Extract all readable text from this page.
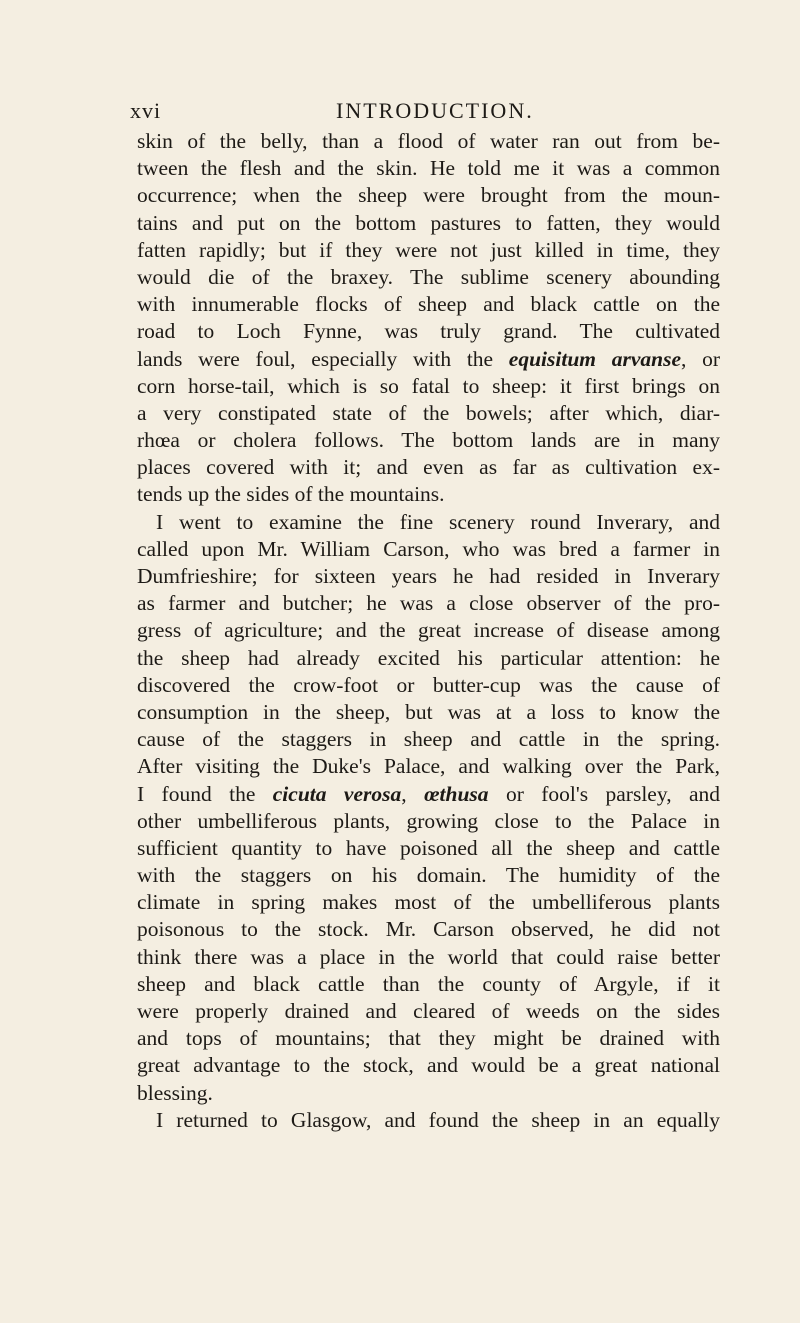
xvi	INTRODUCTION.
skin of the belly, than a flood of water ran out from be-
tween the flesh and the skin. He told me it was a common
occurrence; when the sheep were brought from the moun-
tains and put on the bottom pastures to fatten, they would
fatten rapidly; but if they were not just killed in time, they
would die of the braxey. The sublime scenery abounding
with innumerable flocks of sheep and black cattle on the
road to Loch Fynne, was truly grand. The cultivated
lands were foul, especially with the equisitum arvanse, or
corn horse-tail, which is so fatal to sheep: it first brings on
a very constipated state of the bowels; after which, diar-
rhœa or cholera follows. The bottom lands are in many
places covered with it; and even as far as cultivation ex-
tends up the sides of the mountains.
I went to examine the fine scenery round Inverary, and
called upon Mr. William Carson, who was bred a farmer in
Dumfrieshire; for sixteen years he had resided in Inverary
as farmer and butcher; he was a close observer of the pro-
gress of agriculture; and the great increase of disease among
the sheep had already excited his particular attention: he
discovered the crow-foot or butter-cup was the cause of
consumption in the sheep, but was at a loss to know the
cause of the staggers in sheep and cattle in the spring.
After visiting the Duke's Palace, and walking over the Park,
I found the cicuta verosa, œthusa or fool's parsley, and
other umbelliferous plants, growing close to the Palace in
sufficient quantity to have poisoned all the sheep and cattle
with the staggers on his domain. The humidity of the
climate in spring makes most of the umbelliferous plants
poisonous to the stock. Mr. Carson observed, he did not
think there was a place in the world that could raise better
sheep and black cattle than the county of Argyle, if it
were properly drained and cleared of weeds on the sides
and tops of mountains; that they might be drained with
great advantage to the stock, and would be a great national
blessing.
I returned to Glasgow, and found the sheep in an equally
